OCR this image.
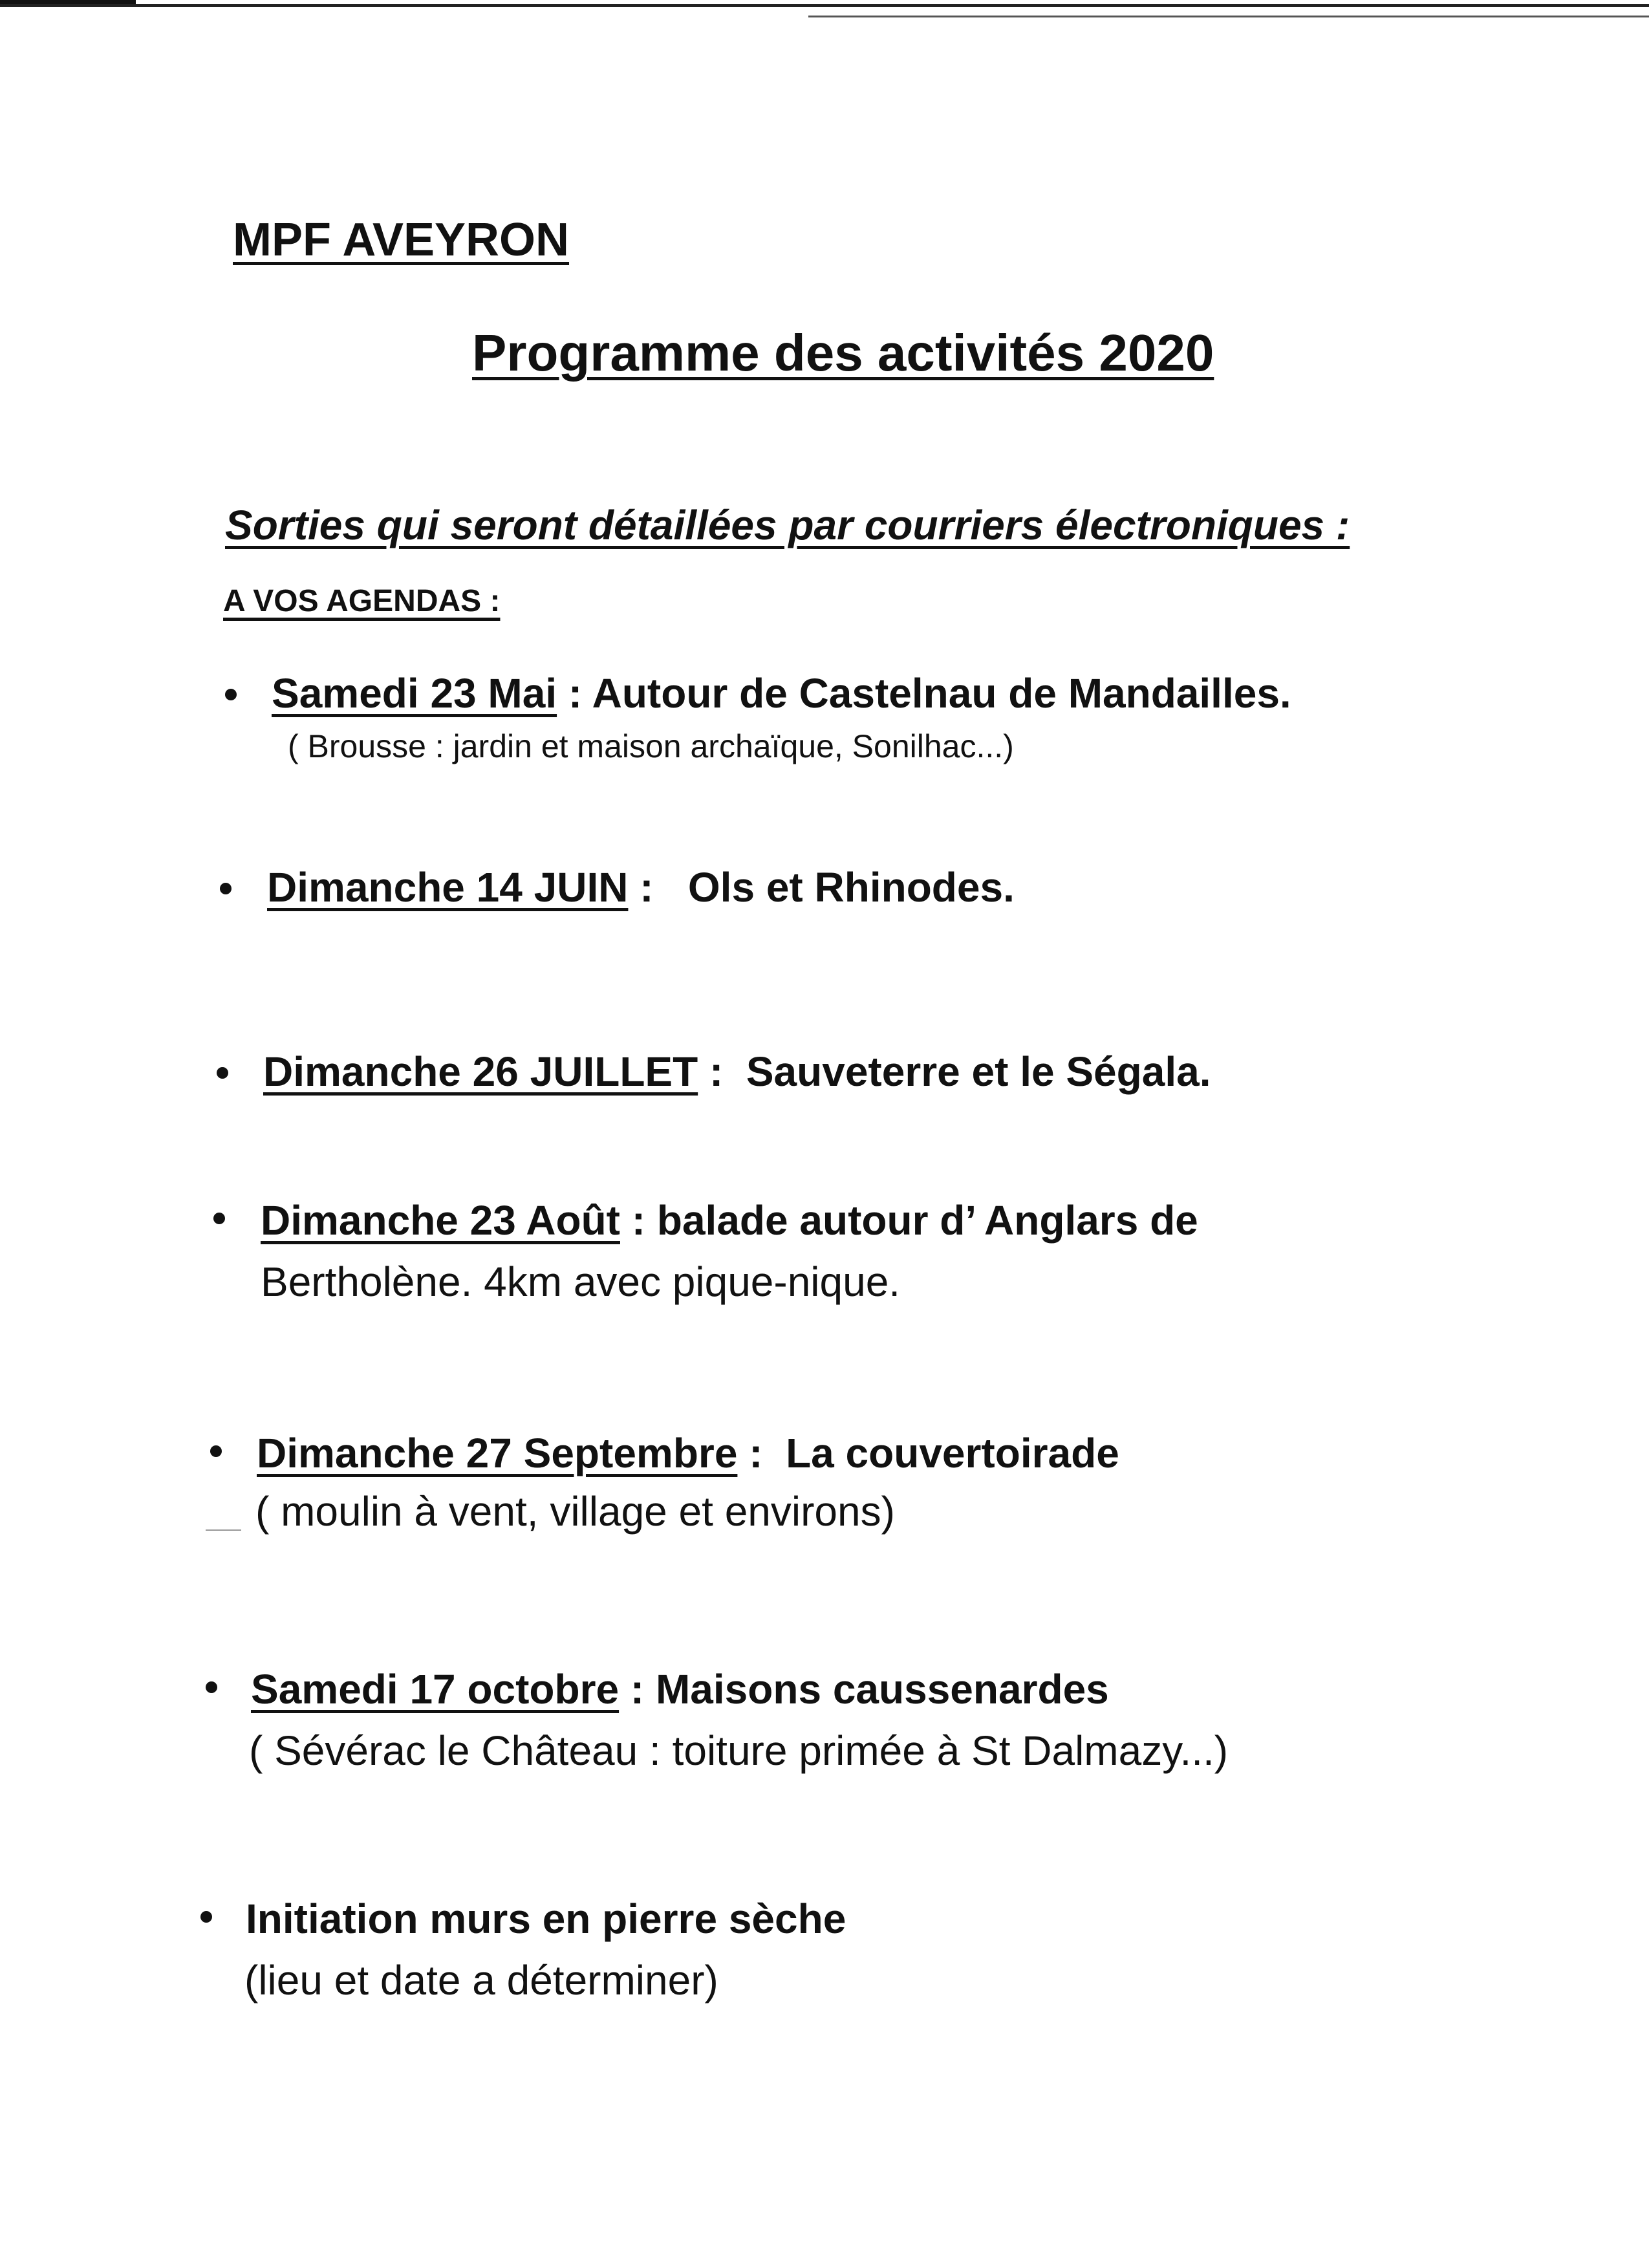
MPF AVEYRON
Programme des activités 2020
Sorties qui seront détaillées par courriers électroniques :
A VOS AGENDAS :
Samedi 23 Mai : Autour de Castelnau de Mandailles.
( Brousse : jardin et maison archaïque, Sonilhac...)
Dimanche 14 JUIN :   Ols et Rhinodes.
Dimanche 26 JUILLET :  Sauveterre et le Ségala.
Dimanche 23 Août : balade autour d’ Anglars de
Bertholène. 4km avec pique-nique.
Dimanche 27 Septembre :  La couvertoirade
( moulin à vent, village et environs)
Samedi 17 octobre : Maisons caussenardes
( Sévérac le Château : toiture primée à St Dalmazy...)
Initiation murs en pierre sèche
(lieu et date a déterminer)
